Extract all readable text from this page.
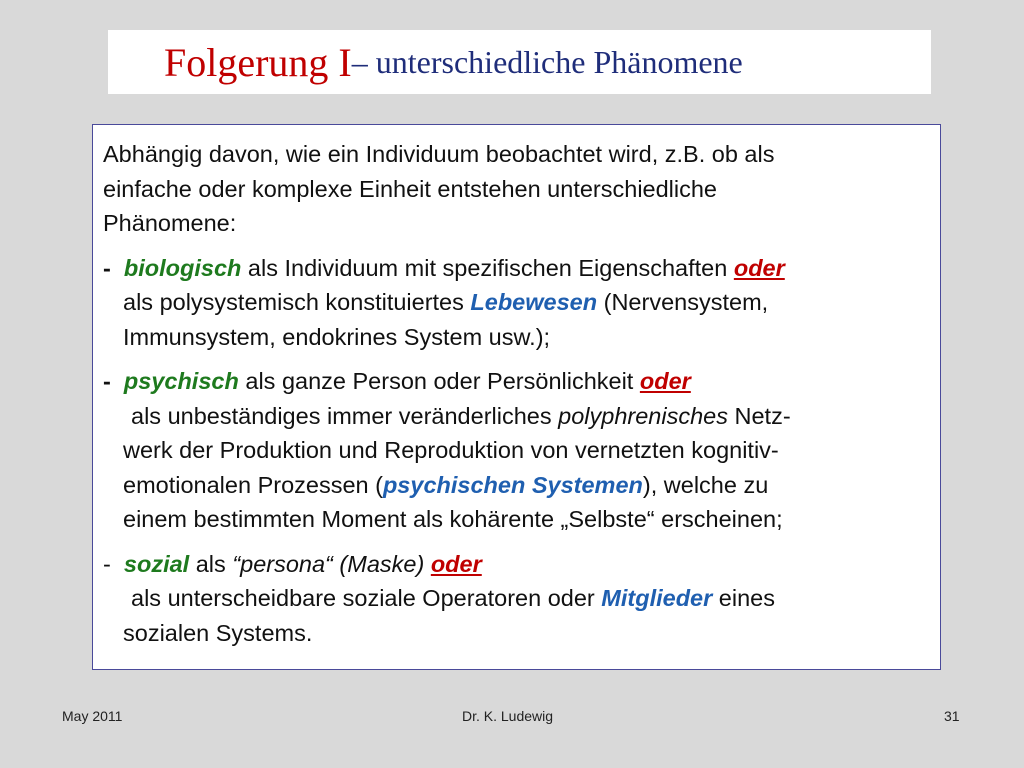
Folgerung I – unterschiedliche Phänomene
Abhängig davon, wie ein Individuum beobachtet wird, z.B. ob als
einfache oder komplexe Einheit entstehen unterschiedliche
Phänomene:
- biologisch als Individuum mit spezifischen Eigenschaften oder
als polysystemisch konstituiertes Lebewesen (Nervensystem,
Immunsystem, endokrines System usw.);
- psychisch als ganze Person oder Persönlichkeit oder
als unbeständiges immer veränderliches polyphrenisches Netz-
werk der Produktion und Reproduktion von vernetzten kognitiv-
emotionalen Prozessen (psychischen Systemen), welche zu
einem bestimmten Moment als kohärente „Selbste“ erscheinen;
- sozial als “persona“ (Maske) oder
als unterscheidbare soziale Operatoren oder Mitglieder eines
sozialen Systems.
May 2011	Dr. K. Ludewig	31
